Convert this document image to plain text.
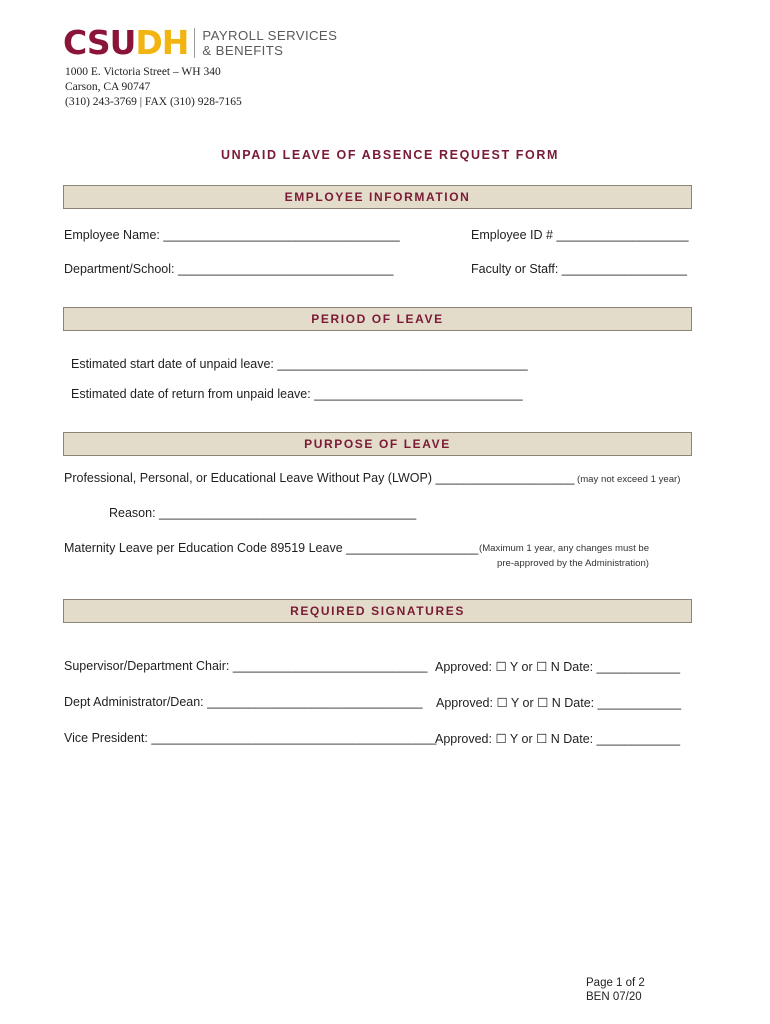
CSUDH PAYROLL SERVICES
& BENEFITS
1000 E. Victoria Street – WH 340
Carson, CA 90747
(310) 243-3769 | FAX (310) 928-7165
UNPAID LEAVE OF ABSENCE REQUEST FORM
EMPLOYEE INFORMATION
Employee Name: __________________________________	Employee ID # ___________________
Department/School: _______________________________	Faculty or Staff: __________________
PERIOD OF LEAVE
Estimated start date of unpaid leave: ____________________________________
Estimated date of return from unpaid leave: ______________________________
PURPOSE OF LEAVE
Professional, Personal, or Educational Leave Without Pay (LWOP) ____________________ (may not exceed 1 year)
Reason: _____________________________________
Maternity Leave per Education Code 89519 Leave ___________________ (Maximum 1 year, any changes must be
pre-approved by the Administration)
REQUIRED SIGNATURES
Supervisor/Department Chair: ____________________________ Approved: ☐ Y or ☐ N Date: ____________
Dept Administrator/Dean: _______________________________ Approved: ☐ Y or ☐ N Date: ____________
Vice President: _________________________________________
Approved: ☐ Y or ☐ N Date: ____________
Page 1 of 2
BEN 07/20
